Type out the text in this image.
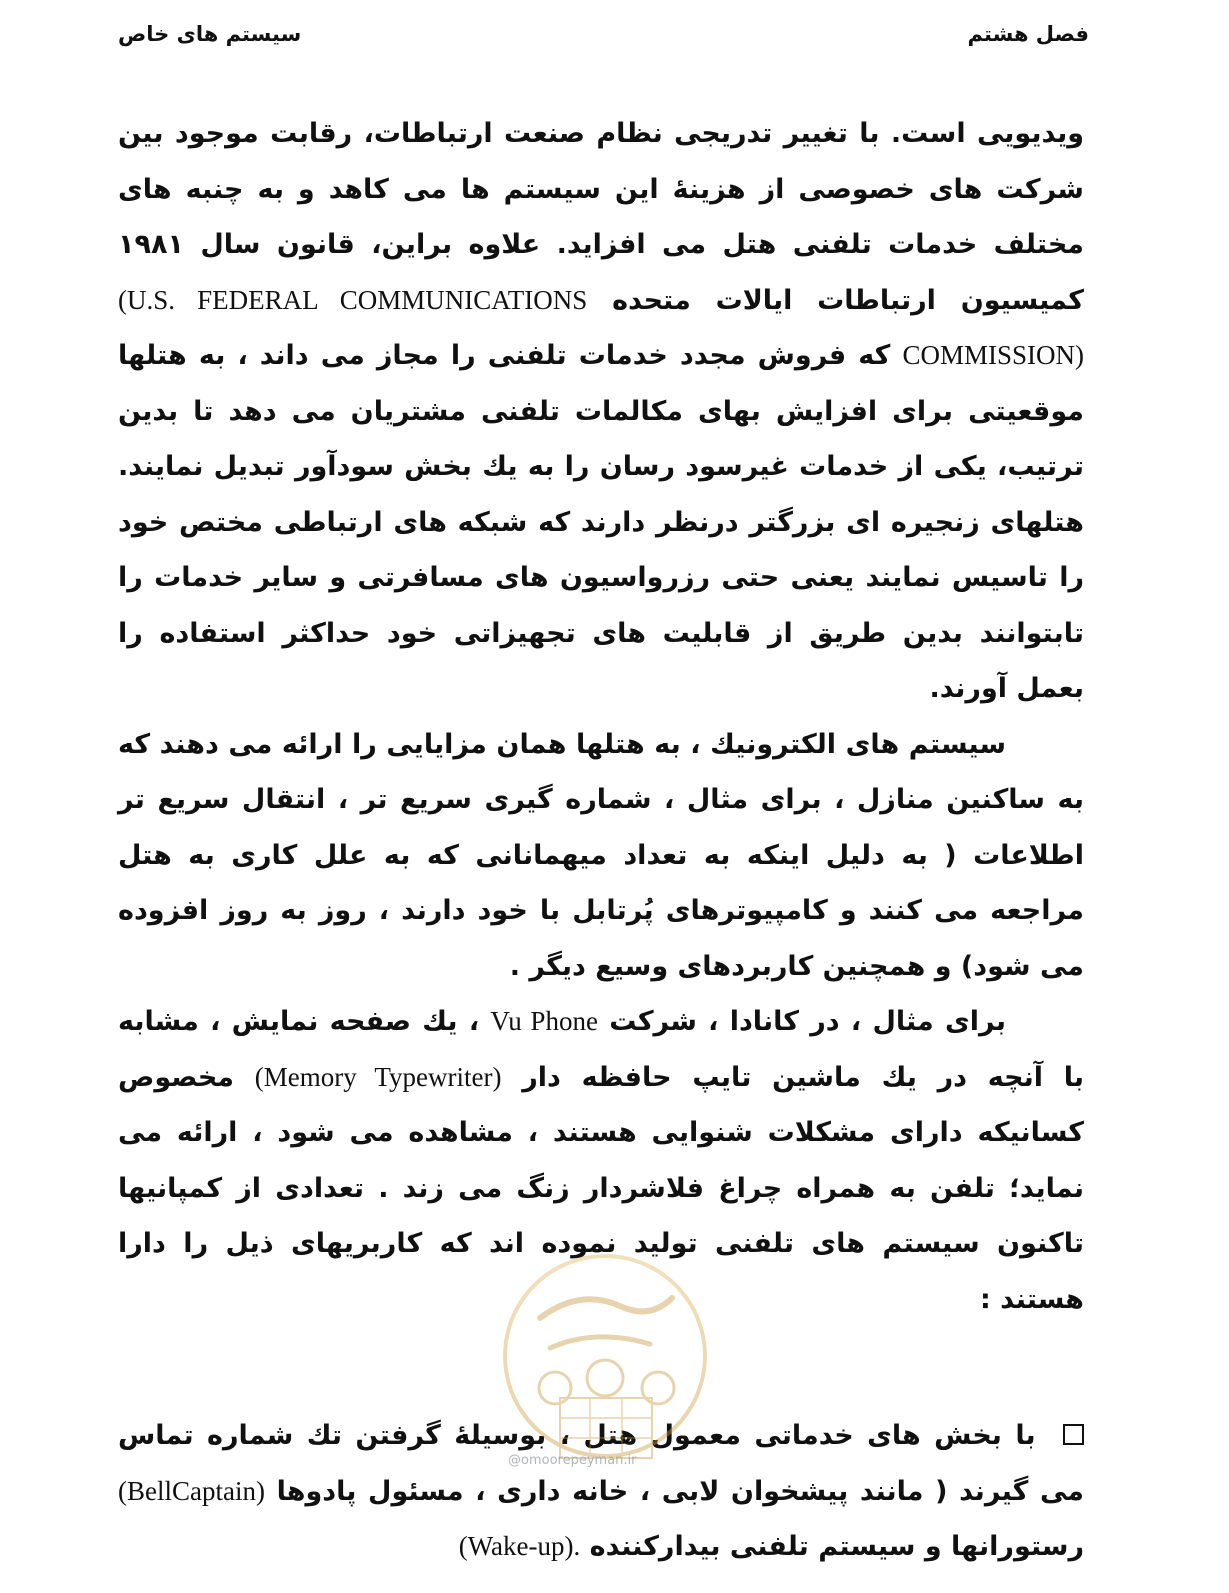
فصل هشتم
سیستم های خاص

ویدیویی است. با تغییر تدریجی نظام صنعت ارتباطات، رقابت موجود بین شرکت های خصوصی از هزینهٔ این سیستم ها می کاهد و به چنبه های مختلف خدمات تلفنی هتل می افزاید. علاوه براین، قانون سال ۱۹۸۱ کمیسیون ارتباطات ایالات متحده (U.S. FEDERAL COMMUNICATIONS COMMISSION) که فروش مجدد خدمات تلفنی را مجاز می داند ، به هتلها موقعیتی برای افزایش بهای مکالمات تلفنی مشتریان می دهد تا بدین ترتیب، یکی از خدمات غیرسود رسان را به یك بخش سودآور تبدیل نمایند. هتلهای زنجیره ای بزرگتر درنظر دارند که شبکه های ارتباطی مختص خود را تاسیس نمایند یعنی حتی رزرواسیون های مسافرتی و سایر خدمات را تابتوانند بدین طریق از قابلیت های تجهیزاتی خود حداکثر استفاده را بعمل آورند.

سیستم های الکترونیك ، به هتلها همان مزایایی را ارائه می دهند که به ساکنین منازل ، برای مثال ، شماره گیری سریع تر ، انتقال سریع تر اطلاعات ( به دلیل اینکه به تعداد میهمانانی که به علل کاری به هتل مراجعه می کنند و کامپیوترهای پُرتابل با خود دارند ، روز به روز افزوده می شود) و همچنین کاربردهای وسیع دیگر .

برای مثال ، در کانادا ، شرکت Vu Phone ، یك صفحه نمایش ، مشابه با آنچه در یك ماشین تایپ حافظه دار (Memory Typewriter) مخصوص کسانیکه دارای مشکلات شنوایی هستند ، مشاهده می شود ، ارائه می نماید؛ تلفن به همراه چراغ فلاشردار زنگ می زند . تعدادی از کمپانیها تاکنون سیستم های تلفنی تولید نموده اند که کاربریهای ذیل را دارا هستند :

با بخش های خدماتی معمول هتل ، بوسیلهٔ گرفتن تك شماره تماس می گیرند ( مانند پیشخوان لابی ، خانه داری ، مسئول پادوها (BellCaptain) رستورانها و سیستم تلفنی بیدارکننده (Wake-up).
@omoorepeyman.ir
